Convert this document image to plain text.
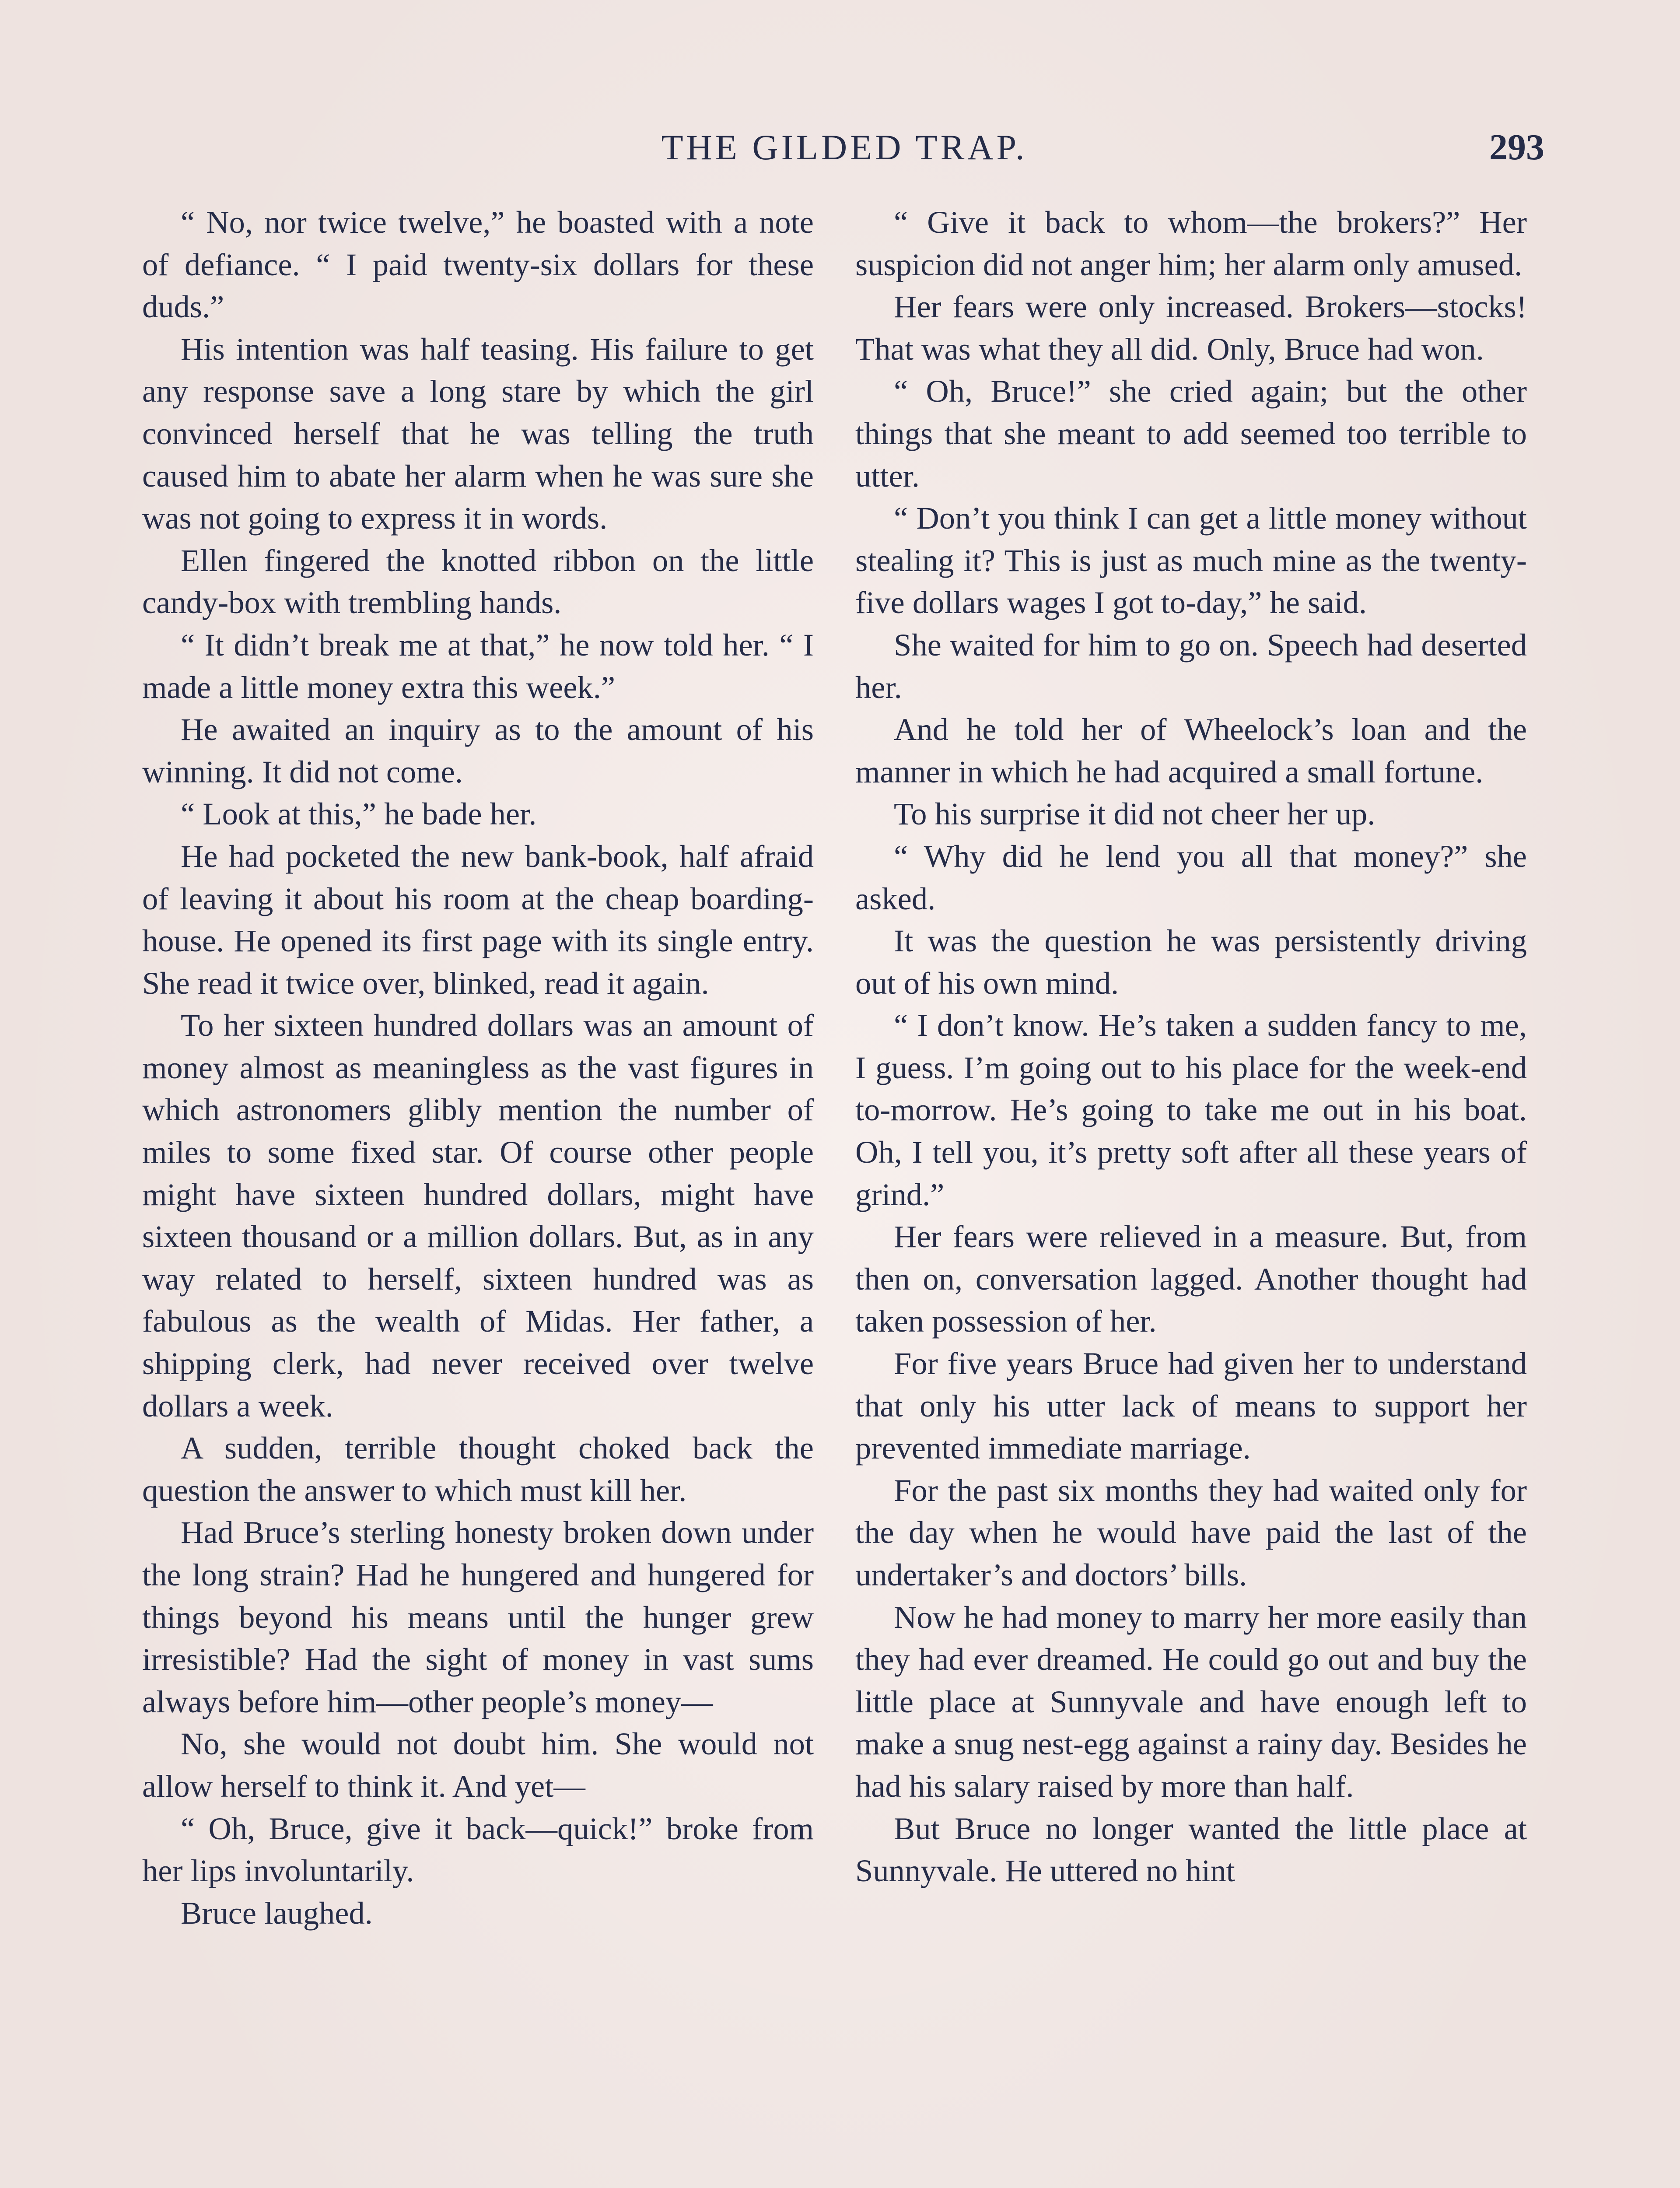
THE GILDED TRAP.	293

“ No, nor twice twelve,” he boasted with a note of defiance. “ I paid twenty-six dollars for these duds.”

His intention was half teasing. His failure to get any response save a long stare by which the girl convinced herself that he was telling the truth caused him to abate her alarm when he was sure she was not going to express it in words.

Ellen fingered the knotted ribbon on the little candy-box with trembling hands.

“ It didn’t break me at that,” he now told her. “ I made a little money extra this week.”

He awaited an inquiry as to the amount of his winning. It did not come.

“ Look at this,” he bade her.

He had pocketed the new bank-book, half afraid of leaving it about his room at the cheap boarding-house. He opened its first page with its single entry. She read it twice over, blinked, read it again.

To her sixteen hundred dollars was an amount of money almost as meaningless as the vast figures in which astronomers glibly mention the number of miles to some fixed star. Of course other people might have sixteen hundred dollars, might have sixteen thousand or a million dollars. But, as in any way related to herself, sixteen hundred was as fabulous as the wealth of Midas. Her father, a shipping clerk, had never received over twelve dollars a week.

A sudden, terrible thought choked back the question the answer to which must kill her.

Had Bruce’s sterling honesty broken down under the long strain? Had he hungered and hungered for things beyond his means until the hunger grew irresistible? Had the sight of money in vast sums always before him—other people’s money—

No, she would not doubt him. She would not allow herself to think it. And yet—

“ Oh, Bruce, give it back—quick!” broke from her lips involuntarily.

Bruce laughed.

“ Give it back to whom—the brokers?” Her suspicion did not anger him; her alarm only amused.

Her fears were only increased. Brokers—stocks! That was what they all did. Only, Bruce had won.

“ Oh, Bruce!” she cried again; but the other things that she meant to add seemed too terrible to utter.

“ Don’t you think I can get a little money without stealing it? This is just as much mine as the twenty-five dollars wages I got to-day,” he said.

She waited for him to go on. Speech had deserted her.

And he told her of Wheelock’s loan and the manner in which he had acquired a small fortune.

To his surprise it did not cheer her up.

“ Why did he lend you all that money?” she asked.

It was the question he was persistently driving out of his own mind.

“ I don’t know. He’s taken a sudden fancy to me, I guess. I’m going out to his place for the week-end to-morrow. He’s going to take me out in his boat. Oh, I tell you, it’s pretty soft after all these years of grind.”

Her fears were relieved in a measure. But, from then on, conversation lagged. Another thought had taken possession of her.

For five years Bruce had given her to understand that only his utter lack of means to support her prevented immediate marriage.

For the past six months they had waited only for the day when he would have paid the last of the undertaker’s and doctors’ bills.

Now he had money to marry her more easily than they had ever dreamed. He could go out and buy the little place at Sunnyvale and have enough left to make a snug nest-egg against a rainy day. Besides he had his salary raised by more than half.

But Bruce no longer wanted the little place at Sunnyvale. He uttered no hint
